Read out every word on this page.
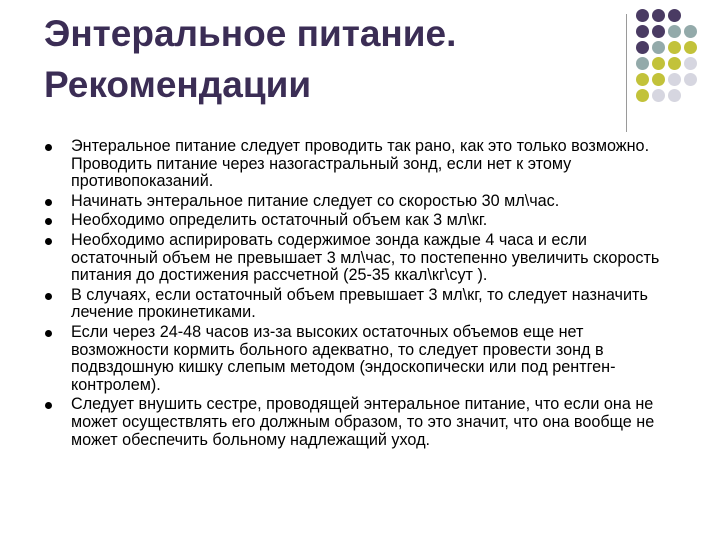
Энтеральное питание.
Рекомендации
Энтеральное питание следует проводить так рано, как это только возможно. Проводить питание через назогастральный зонд, если нет к этому противопоказаний.
Начинать энтеральное питание следует со скоростью 30 мл\час.
Необходимо определить остаточный объем как 3 мл\кг.
Необходимо аспирировать содержимое зонда каждые 4 часа и если остаточный объем не превышает 3 мл\час, то постепенно увеличить скорость питания до достижения рассчетной (25-35 ккал\кг\сут ).
В случаях, если остаточный объем превышает 3 мл\кг, то следует назначить лечение прокинетиками.
Если через 24-48 часов из-за высоких остаточных объемов еще нет возможности кормить больного адекватно, то следует провести зонд в подвздошную кишку слепым методом (эндоскопически или под рентген-контролем).
Следует внушить сестре, проводящей энтеральное питание, что если она не может осуществлять его должным образом, то это значит, что она вообще не может обеспечить больному надлежащий уход.
